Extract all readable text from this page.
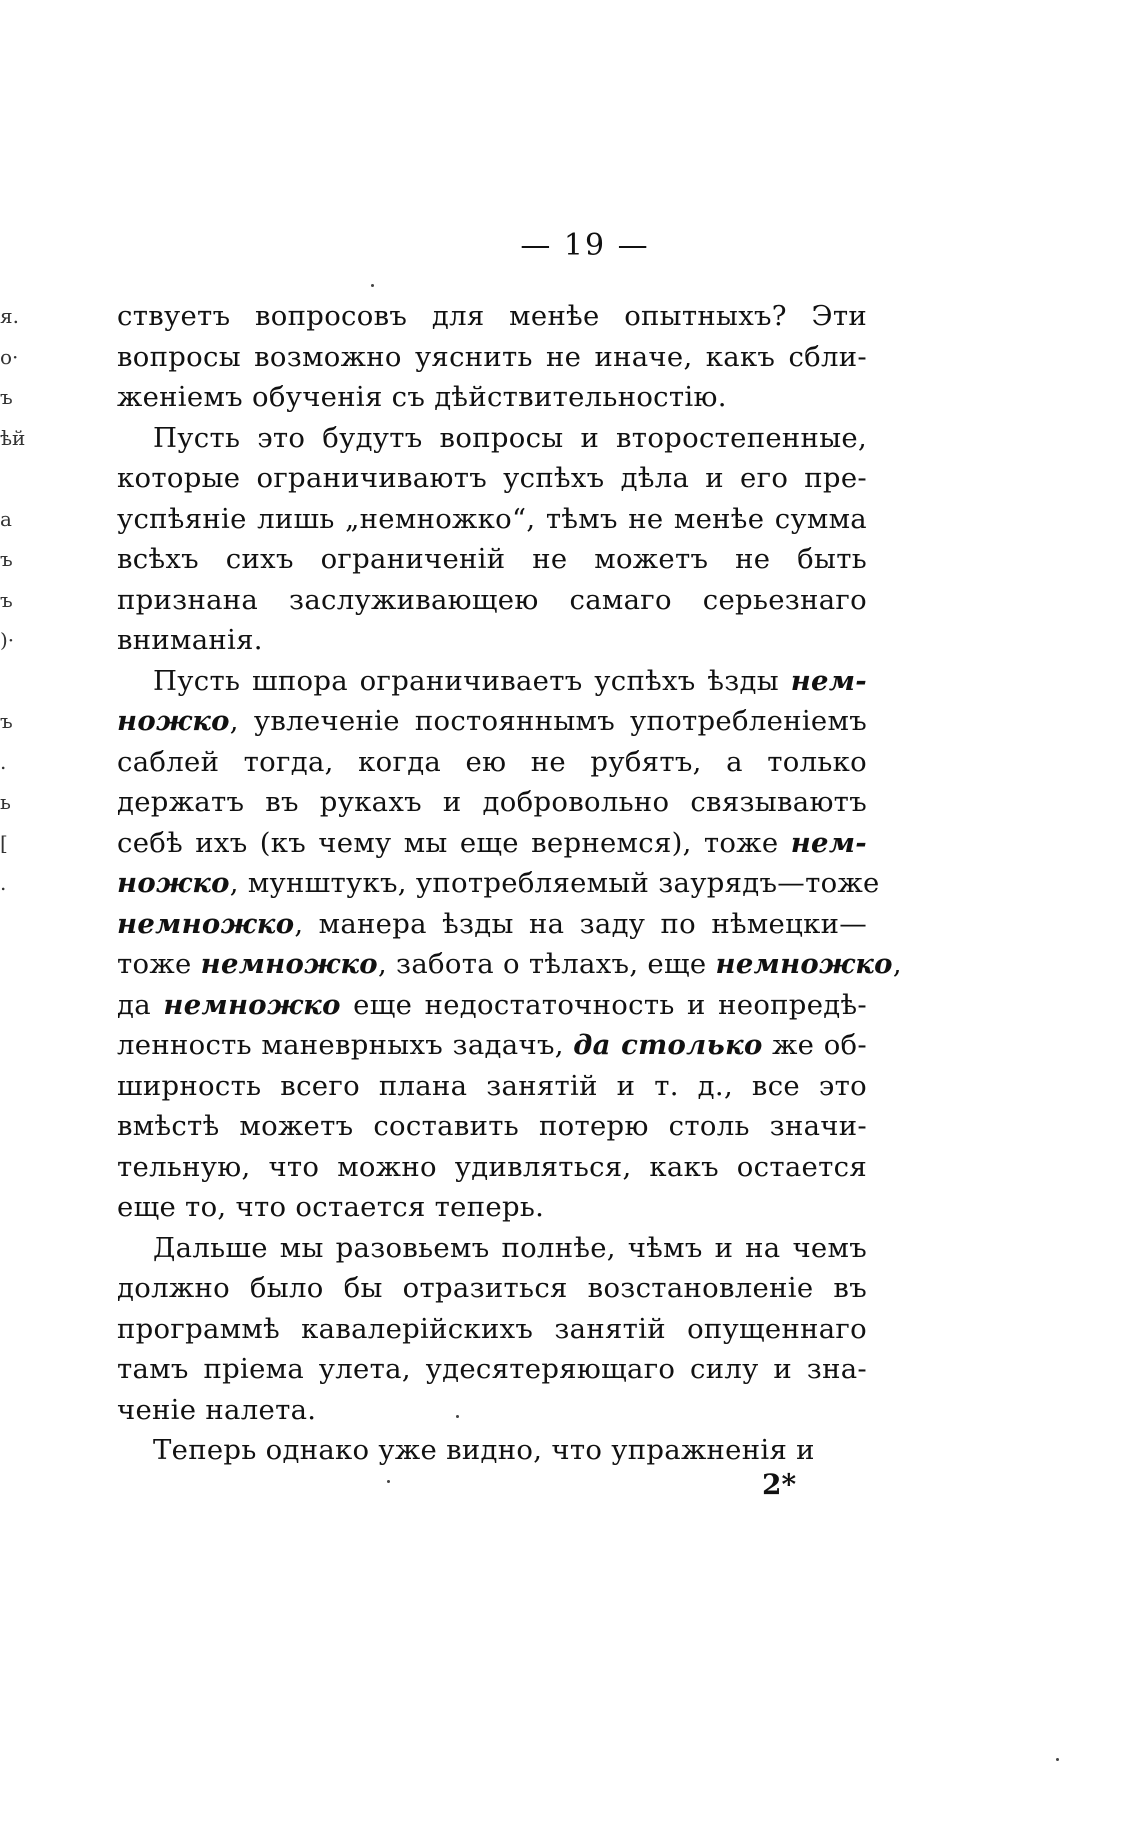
я.
о·
ъ
ѣй
а
ъ
ъ
)·
ъ
.
ь
[
.
— 19 —
ствуетъ вопросовъ для менѣе опытныхъ? Эти
вопросы возможно уяснить не иначе, какъ сбли-
женіемъ обученія съ дѣйствительностію.
Пусть это будутъ вопросы и второстепенные,
которые ограничиваютъ успѣхъ дѣла и его пре-
успѣяніе лишь „немножко“, тѣмъ не менѣе сумма
всѣхъ сихъ ограниченій не можетъ не быть
признана заслуживающею самаго серьезнаго
вниманія.
Пусть шпора ограничиваетъ успѣхъ ѣзды нем-
ножко, увлеченіе постояннымъ употребленіемъ
саблей тогда, когда ею не рубятъ, а только
держатъ въ рукахъ и добровольно связываютъ
себѣ ихъ (къ чему мы еще вернемся), тоже нем-
ножко, мунштукъ, употребляемый заурядъ—тоже
немножко, манера ѣзды на заду по нѣмецки—
тоже немножко, забота о тѣлахъ, еще немножко,
да немножко еще недостаточность и неопредѣ-
ленность маневрныхъ задачъ, да столько же об-
ширность всего плана занятій и т. д., все это
вмѣстѣ можетъ составить потерю столь значи-
тельную, что можно удивляться, какъ остается
еще то, что остается теперь.
Дальше мы разовьемъ полнѣе, чѣмъ и на чемъ
должно было бы отразиться возстановленіе въ
программѣ кавалерійскихъ занятій опущеннаго
тамъ пріема улета, удесятеряющаго силу и зна-
ченіе налета.
Теперь однако уже видно, что упражненія и
2*
